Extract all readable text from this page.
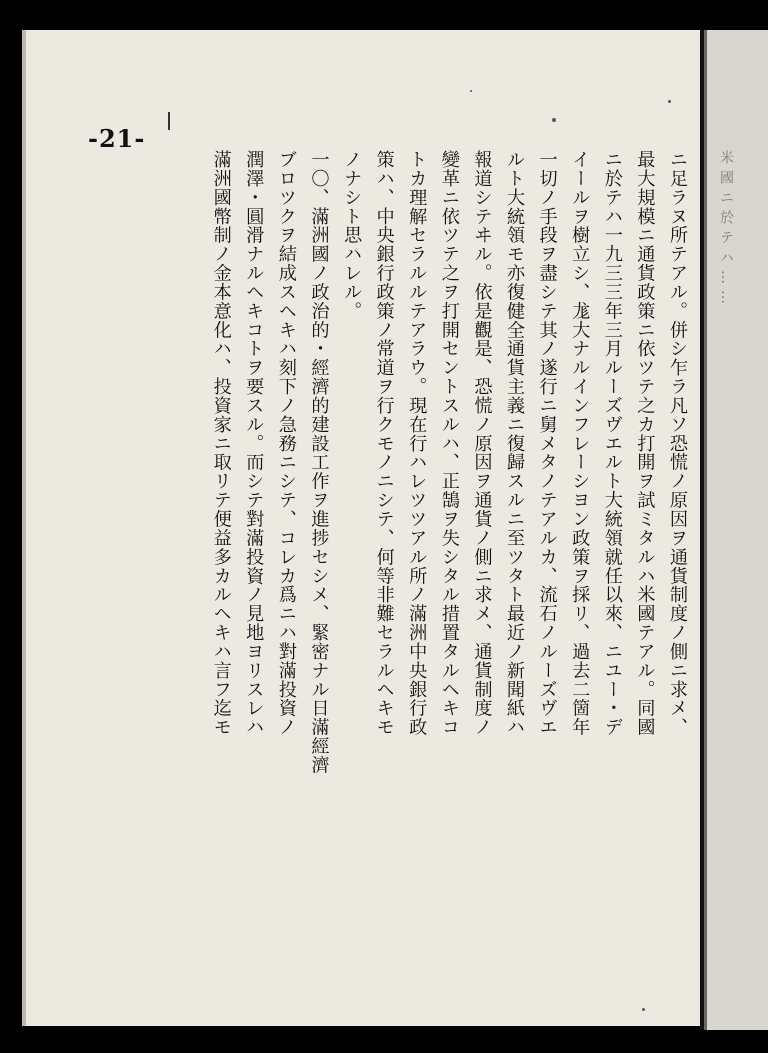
米國ニ於テハ……
-21-
ニ足ラヌ所テアル。併シ乍ラ凡ソ恐慌ノ原因ヲ通貨制度ノ側ニ求メ、
最大規模ニ通貨政策ニ依ツテ之カ打開ヲ試ミタルハ米國テアル。同國
ニ於テハ一九三三年三月ルーズヴエルト大統領就任以來、ニユー・デ
イールヲ樹立シ、尨大ナルインフレーシヨン政策ヲ採リ、過去二箇年
一切ノ手段ヲ盡シテ其ノ遂行ニ舅メタノテアルカ、流石ノルーズヴエ
ルト大統領モ亦復健全通貨主義ニ復歸スルニ至ツタト最近ノ新聞紙ハ
報道シテヰル。依是觀是、恐慌ノ原因ヲ通貨ノ側ニ求メ、通貨制度ノ
變革ニ依ツテ之ヲ打開セントスルハ、正鵠ヲ失シタル措置タルヘキコ
トカ理解セラルルテアラウ。現在行ハレツツアル所ノ滿洲中央銀行政
策ハ、中央銀行政策ノ常道ヲ行クモノニシテ、何等非難セラルヘキモ
ノナシト思ハレル。
一〇、滿洲國ノ政治的・經濟的建設工作ヲ進捗セシメ、緊密ナル日滿經濟
ブロツクヲ結成スヘキハ刻下ノ急務ニシテ、コレカ爲ニハ對滿投資ノ
潤澤・圓滑ナルヘキコトヲ要スル。而シテ對滿投資ノ見地ヨリスレハ
滿洲國幣制ノ金本意化ハ、投資家ニ取リテ便益多カルヘキハ言フ迄モ
